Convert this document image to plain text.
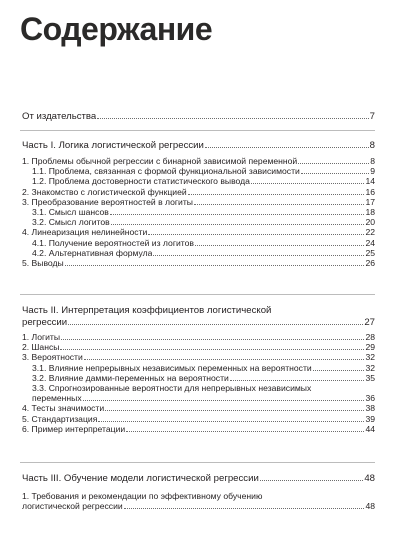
Содержание
От издательства	7
Часть I. Логика логистической регрессии	8
1. Проблемы обычной регрессии с бинарной зависимой переменной	8
1.1. Проблема, связанная с формой функциональной зависимости	9
1.2. Проблема достоверности статистического вывода	14
2. Знакомство с логистической функцией	16
3. Преобразование вероятностей в логиты	17
3.1. Смысл шансов	18
3.2. Смысл логитов	20
4. Линеаризация нелинейности	22
4.1. Получение вероятностей из логитов	24
4.2. Альтернативная формула	25
5. Выводы	26
Часть II. Интерпретация коэффициентов логистической
регрессии	27
1. Логиты	28
2. Шансы	29
3. Вероятности	32
3.1. Влияние непрерывных независимых переменных на вероятности	32
3.2. Влияние дамми-переменных на вероятности	35
3.3. Спрогнозированные вероятности для непрерывных независимых
переменных	36
4. Тесты значимости	38
5. Стандартизация	39
6. Пример интерпретации	44
Часть III. Обучение модели логистической регрессии	48
1. Требования и рекомендации по эффективному обучению
логистической регрессии	48
